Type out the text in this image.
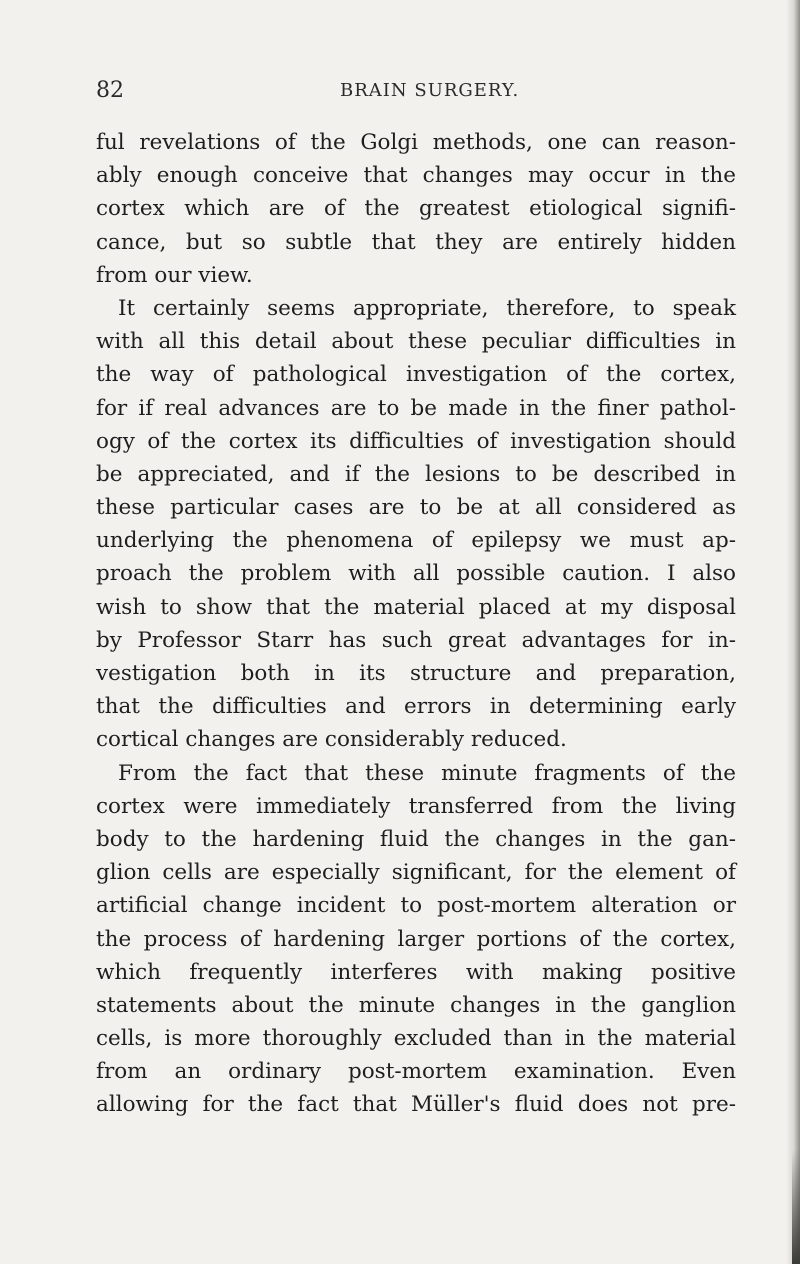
82	BRAIN SURGERY.
ful revelations of the Golgi methods, one can reason-
ably enough conceive that changes may occur in the
cortex which are of the greatest etiological signifi-
cance, but so subtle that they are entirely hidden
from our view.
It certainly seems appropriate, therefore, to speak
with all this detail about these peculiar difficulties in
the way of pathological investigation of the cortex,
for if real advances are to be made in the finer pathol-
ogy of the cortex its difficulties of investigation should
be appreciated, and if the lesions to be described in
these particular cases are to be at all considered as
underlying the phenomena of epilepsy we must ap-
proach the problem with all possible caution. I also
wish to show that the material placed at my disposal
by Professor Starr has such great advantages for in-
vestigation both in its structure and preparation,
that the difficulties and errors in determining early
cortical changes are considerably reduced.
From the fact that these minute fragments of the
cortex were immediately transferred from the living
body to the hardening fluid the changes in the gan-
glion cells are especially significant, for the element of
artificial change incident to post-mortem alteration or
the process of hardening larger portions of the cortex,
which frequently interferes with making positive
statements about the minute changes in the ganglion
cells, is more thoroughly excluded than in the material
from an ordinary post-mortem examination. Even
allowing for the fact that Müller's fluid does not pre-
